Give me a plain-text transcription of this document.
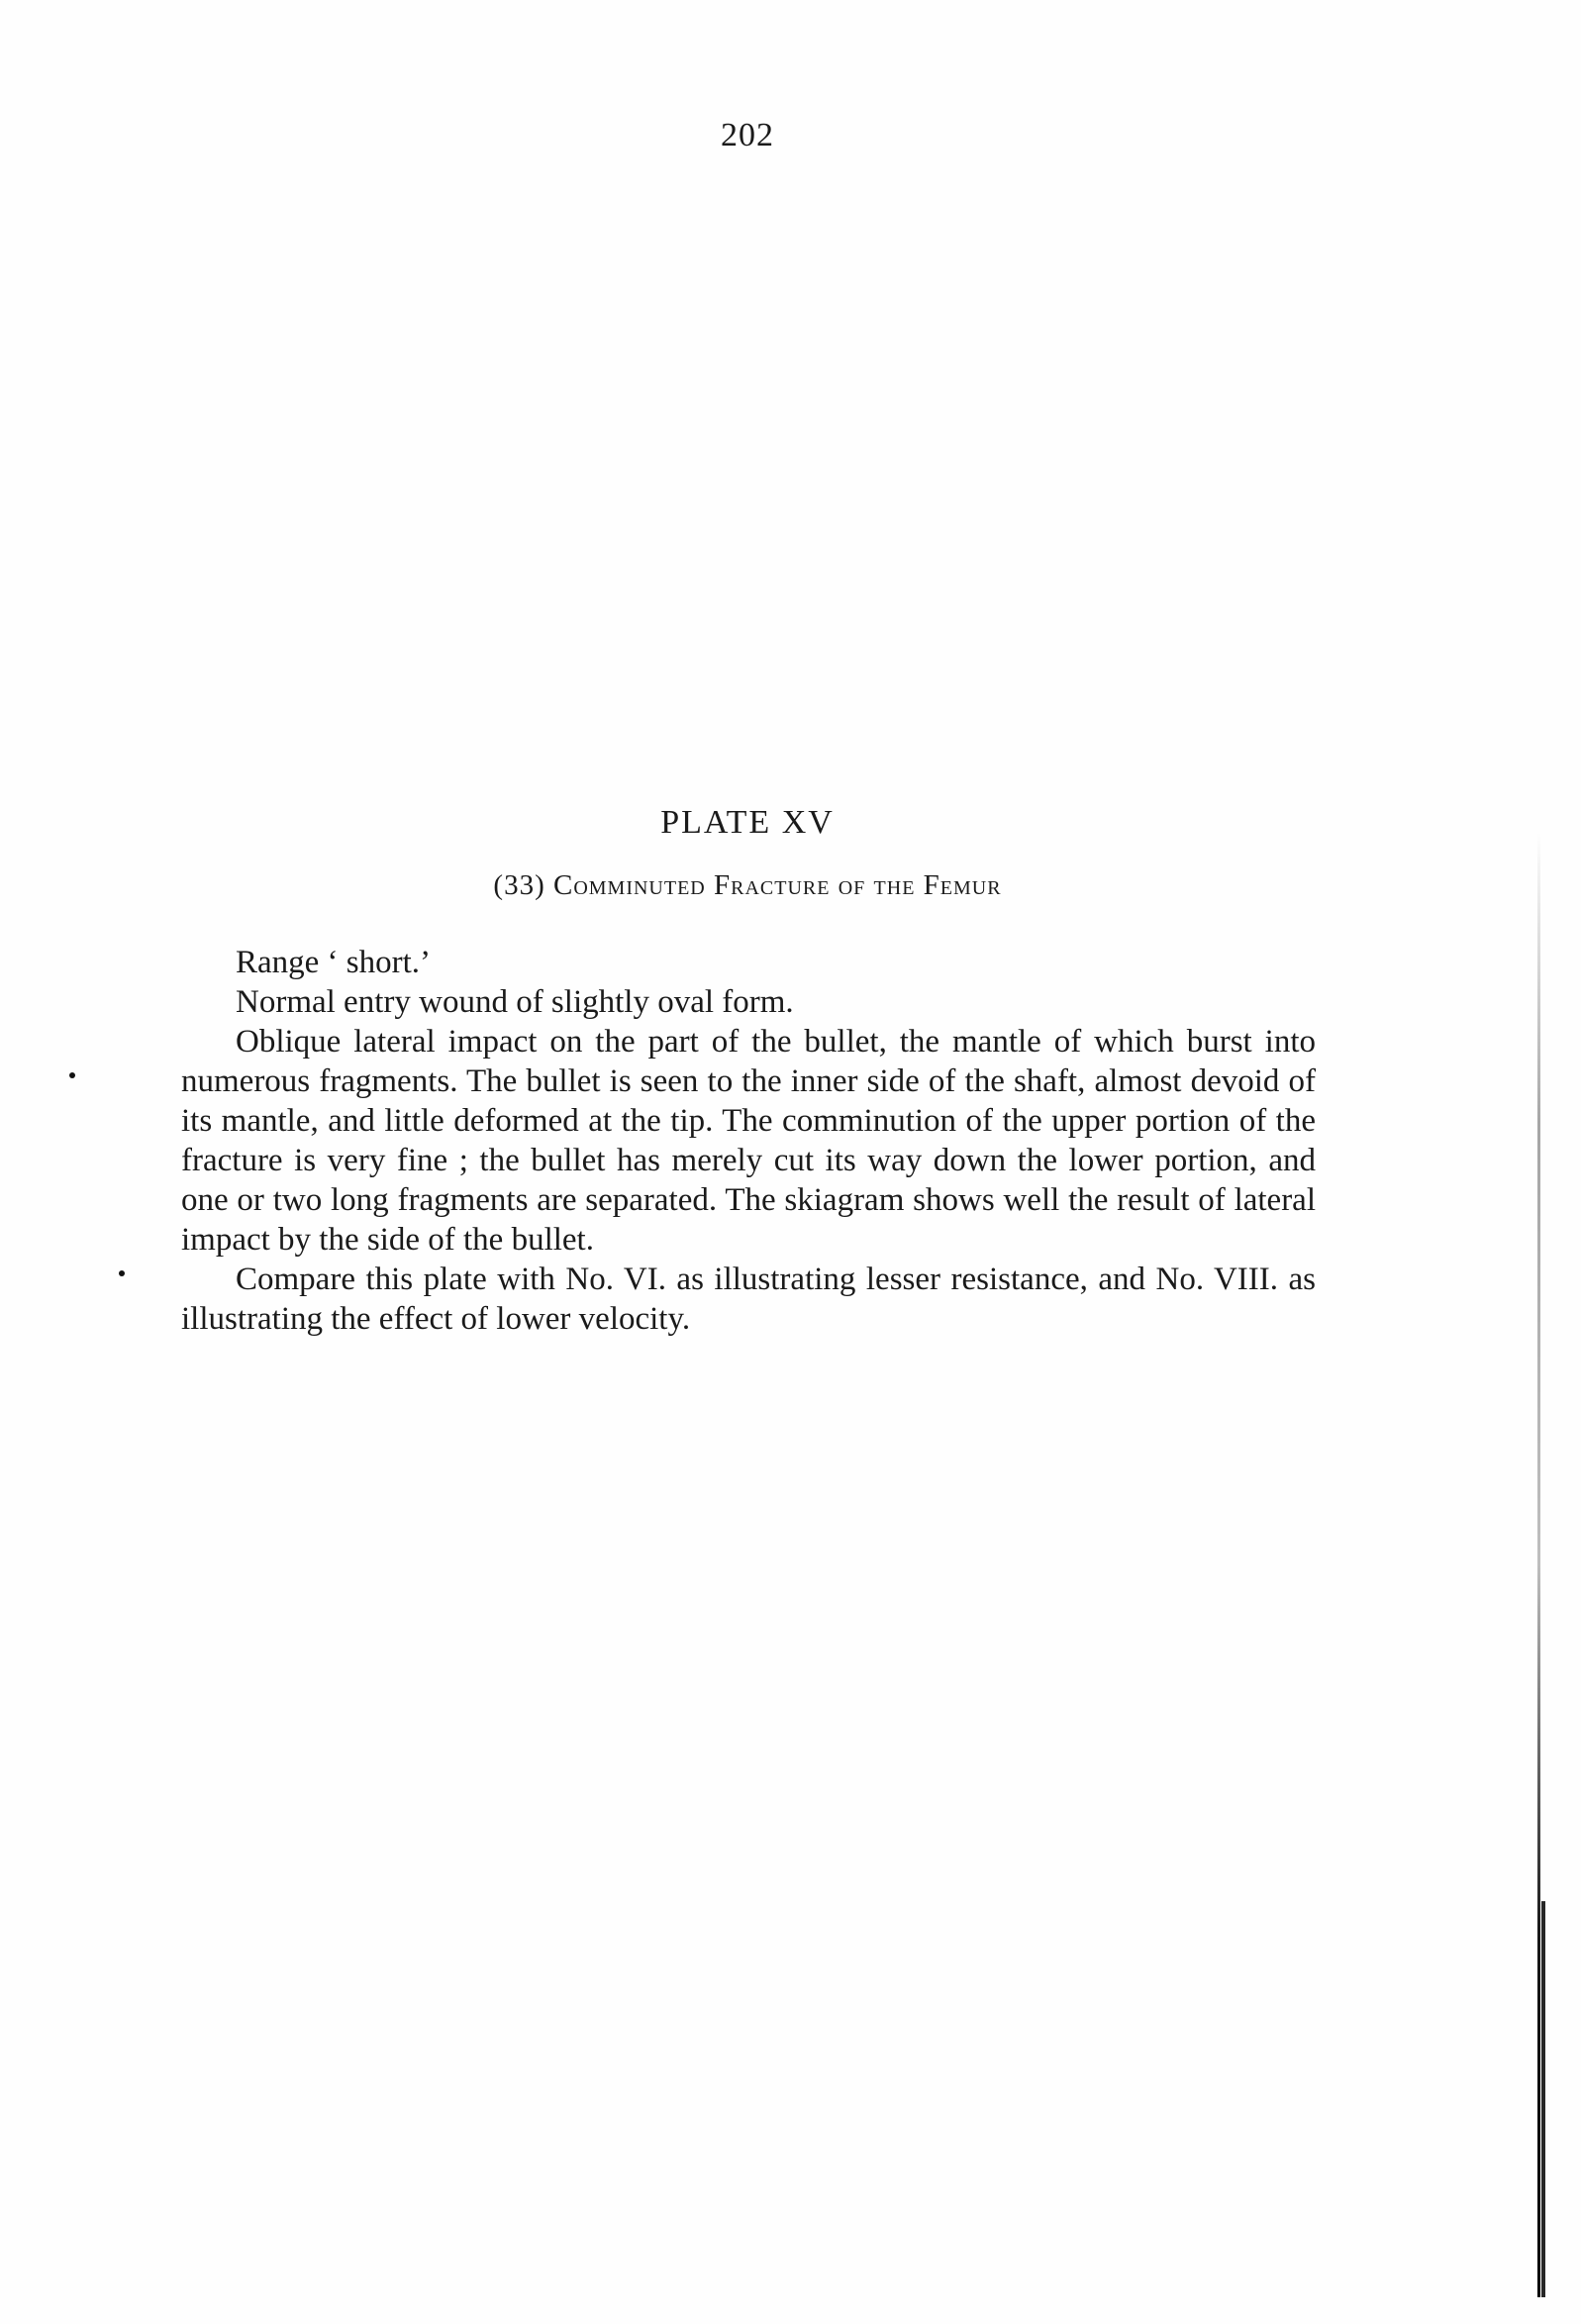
202
PLATE XV
(33) Comminuted Fracture of the Femur

Range ‘ short.’

Normal entry wound of slightly oval form.

Oblique lateral impact on the part of the bullet, the mantle of which burst into numerous fragments. The bullet is seen to the inner side of the shaft, almost devoid of its mantle, and little deformed at the tip. The comminution of the upper portion of the fracture is very fine ; the bullet has merely cut its way down the lower portion, and one or two long fragments are separated. The skiagram shows well the result of lateral impact by the side of the bullet.

Compare this plate with No. VI. as illustrating lesser resistance, and No. VIII. as illustrating the effect of lower velocity.
